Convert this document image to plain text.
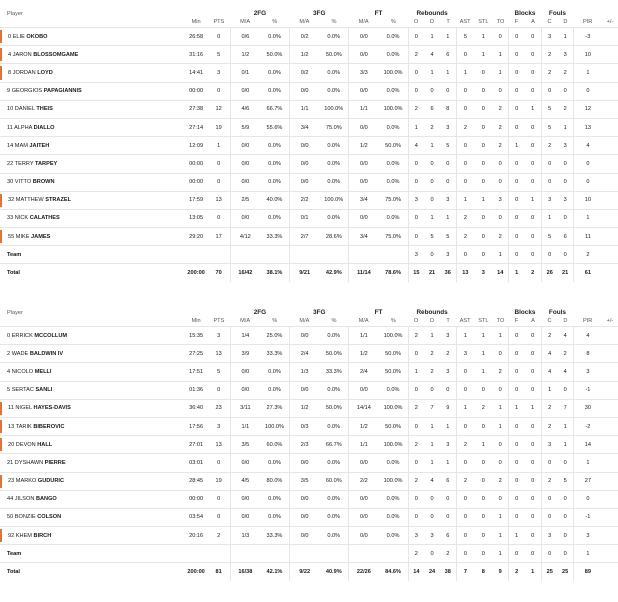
Player			2FG		3FG		FT		Rebounds						Blocks		Fouls			
	Min	PTS	M/A	%	M/A	%	M/A	%	O	D	T	AST	STL	TO	F	A	C	D	PIR	+/-
0 ELIE OKOBO	26:58	0	0/6	0.0%	0/2	0.0%	0/0	0.0%	0	1	1	5	1	0	0	0	3	1	-3	
4 JARON BLOSSOMGAME	31:16	5	1/2	50.0%	1/2	50.0%	0/0	0.0%	2	4	6	0	1	1	0	0	2	3	10	
8 JORDAN LOYD	14:41	3	0/1	0.0%	0/2	0.0%	3/3	100.0%	0	1	1	1	0	1	0	0	2	2	1	
9 GEORGIOS PAPAGIANNIS	00:00	0	0/0	0.0%	0/0	0.0%	0/0	0.0%	0	0	0	0	0	0	0	0	0	0	0	
10 DANIEL THEIS	27:38	12	4/6	66.7%	1/1	100.0%	1/1	100.0%	2	6	8	0	0	2	0	1	5	2	12	
11 ALPHA DIALLO	27:14	19	5/9	55.6%	3/4	75.0%	0/0	0.0%	1	2	3	2	0	2	0	0	5	1	13	
14 MAM JAITEH	12:09	1	0/0	0.0%	0/0	0.0%	1/2	50.0%	4	1	5	0	0	2	1	0	2	3	4	
22 TERRY TARPEY	00:00	0	0/0	0.0%	0/0	0.0%	0/0	0.0%	0	0	0	0	0	0	0	0	0	0	0	
30 VITTO BROWN	00:00	0	0/0	0.0%	0/0	0.0%	0/0	0.0%	0	0	0	0	0	0	0	0	0	0	0	
32 MATTHEW STRAZEL	17:59	13	2/5	40.0%	2/2	100.0%	3/4	75.0%	3	0	3	1	1	3	0	1	3	3	10	
33 NICK CALATHES	13:05	0	0/0	0.0%	0/1	0.0%	0/0	0.0%	0	1	1	2	0	0	0	0	1	0	1	
55 MIKE JAMES	29:20	17	4/12	33.3%	2/7	28.6%	3/4	75.0%	0	5	5	2	0	2	0	0	5	6	11	
Team									3	0	3	0	0	1	0	0	0	0	2	
Total	200:00	70	16/42	38.1%	9/21	42.9%	11/14	78.6%	15	21	36	13	3	14	1	2	26	21	61	
Player			2FG		3FG		FT		Rebounds						Blocks		Fouls			
	Min	PTS	M/A	%	M/A	%	M/A	%	O	D	T	AST	STL	TO	F	A	C	D	PIR	+/-
0 ERRICK MCCOLLUM	15:35	3	1/4	25.0%	0/0	0.0%	1/1	100.0%	2	1	3	1	1	1	0	0	2	4	4	
2 WADE BALDWIN IV	27:25	13	3/9	33.3%	2/4	50.0%	1/2	50.0%	0	2	2	3	1	0	0	0	4	2	8	
4 NICOLO MELLI	17:51	5	0/0	0.0%	1/3	33.3%	2/4	50.0%	1	2	3	0	1	2	0	0	4	4	3	
5 SERTAC SANLI	01:36	0	0/0	0.0%	0/0	0.0%	0/0	0.0%	0	0	0	0	0	0	0	0	1	0	-1	
11 NIGEL HAYES-DAVIS	36:40	23	3/11	27.3%	1/2	50.0%	14/14	100.0%	2	7	9	1	2	1	1	1	2	7	30	
13 TARIK BIBEROVIC	17:56	3	1/1	100.0%	0/3	0.0%	1/2	50.0%	0	1	1	0	0	1	0	0	2	1	-2	
20 DEVON HALL	27:01	13	3/5	60.0%	2/3	66.7%	1/1	100.0%	2	1	3	2	1	0	0	0	3	1	14	
21 DYSHAWN PIERRE	03:01	0	0/0	0.0%	0/0	0.0%	0/0	0.0%	0	1	1	0	0	0	0	0	0	0	1	
23 MARKO GUDURIC	28:45	19	4/5	80.0%	3/5	60.0%	2/2	100.0%	2	4	6	2	0	2	0	0	2	5	27	
44 JILSON BANGO	00:00	0	0/0	0.0%	0/0	0.0%	0/0	0.0%	0	0	0	0	0	0	0	0	0	0	0	
50 BONZIE COLSON	03:54	0	0/0	0.0%	0/0	0.0%	0/0	0.0%	0	0	0	0	0	1	0	0	0	0	-1	
92 KHEM BIRCH	20:16	2	1/3	33.3%	0/0	0.0%	0/0	0.0%	3	3	6	0	0	1	1	0	3	0	3	
Team									2	0	2	0	0	1	0	0	0	0	1	
Total	200:00	81	16/38	42.1%	9/22	40.9%	22/26	84.6%	14	24	38	7	8	9	2	1	25	25	89	
